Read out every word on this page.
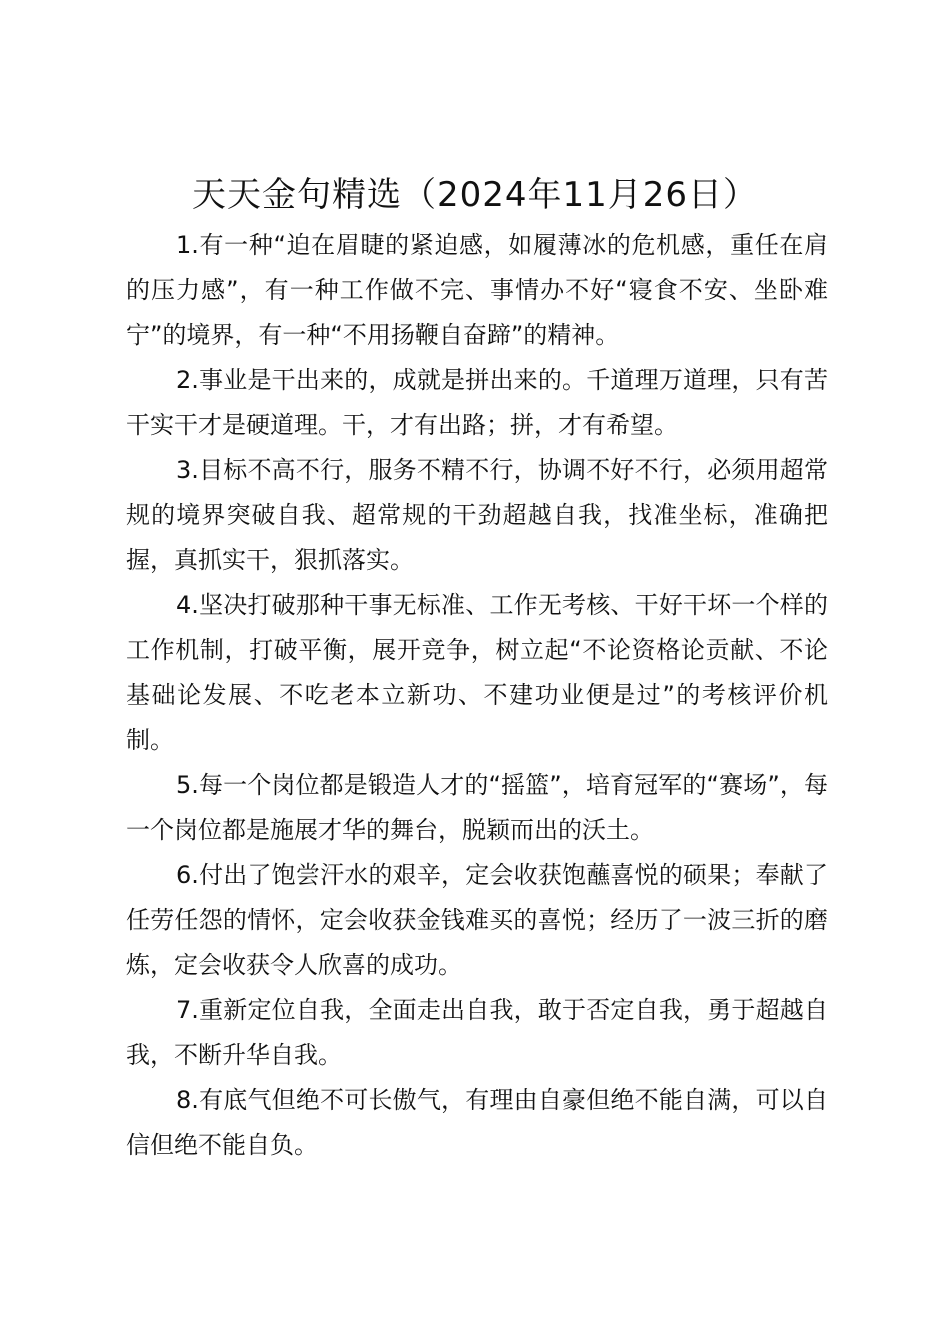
天天金句精选（2024年11月26日）

1.有一种“迫在眉睫的紧迫感，如履薄冰的危机感，重任在肩的压力感”，有一种工作做不完、事情办不好“寝食不安、坐卧难宁”的境界，有一种“不用扬鞭自奋蹄”的精神。

2.事业是干出来的，成就是拼出来的。千道理万道理，只有苦干实干才是硬道理。干，才有出路；拼，才有希望。

3.目标不高不行，服务不精不行，协调不好不行，必须用超常规的境界突破自我、超常规的干劲超越自我，找准坐标，准确把握，真抓实干，狠抓落实。

4.坚决打破那种干事无标准、工作无考核、干好干坏一个样的工作机制，打破平衡，展开竞争，树立起“不论资格论贡献、不论基础论发展、不吃老本立新功、不建功业便是过”的考核评价机制。

5.每一个岗位都是锻造人才的“摇篮”，培育冠军的“赛场”，每一个岗位都是施展才华的舞台，脱颖而出的沃土。

6.付出了饱尝汗水的艰辛，定会收获饱蘸喜悦的硕果；奉献了任劳任怨的情怀，定会收获金钱难买的喜悦；经历了一波三折的磨炼，定会收获令人欣喜的成功。

7.重新定位自我，全面走出自我，敢于否定自我，勇于超越自我，不断升华自我。

8.有底气但绝不可长傲气，有理由自豪但绝不能自满，可以自信但绝不能自负。
